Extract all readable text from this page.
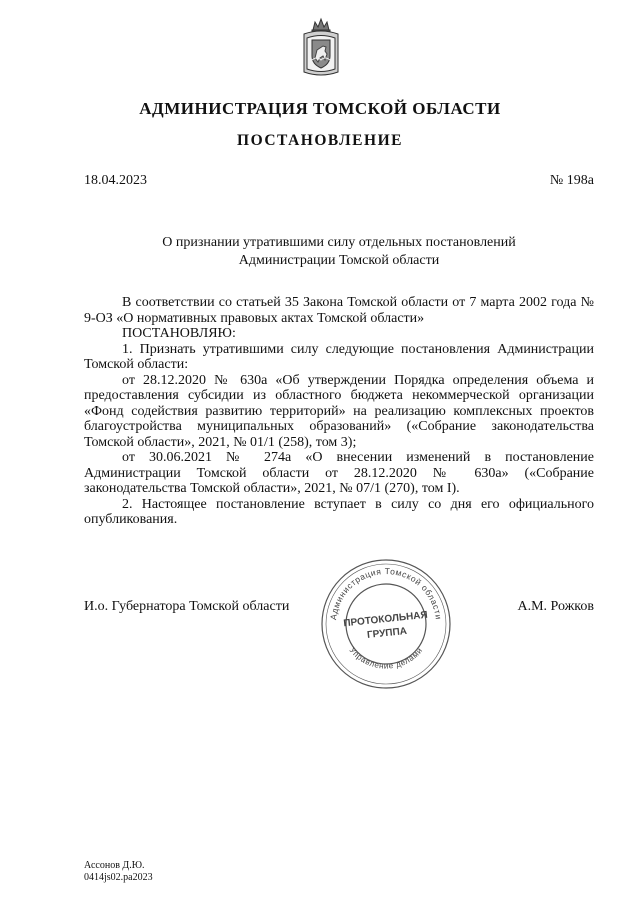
АДМИНИСТРАЦИЯ ТОМСКОЙ ОБЛАСТИ
ПОСТАНОВЛЕНИЕ
18.04.2023	№ 198а
О признании утратившими силу отдельных постановлений
Администрации Томской области

В соответствии со статьей 35 Закона Томской области от 7 марта 2002 года № 9-ОЗ «О нормативных правовых актах Томской области»

ПОСТАНОВЛЯЮ:

1. Признать утратившими силу следующие постановления Администрации Томской области:

от 28.12.2020 № 630а «Об утверждении Порядка определения объема и предоставления субсидии из областного бюджета некоммерческой организации «Фонд содействия развитию территорий» на реализацию комплексных проектов благоустройства муниципальных образований» («Собрание законодательства Томской области», 2021, № 01/1 (258), том 3);

от 30.06.2021 № 274а «О внесении изменений в постановление Администрации Томской области от 28.12.2020 № 630а» («Собрание законодательства Томской области», 2021, № 07/1 (270), том I).

2. Настоящее постановление вступает в силу со дня его официального опубликования.

И.о. Губернатора Томской области	А.М. Рожков
Администрация Томской области
Управление делами
ПРОТОКОЛЬНАЯ
ГРУППА
Ассонов Д.Ю.
0414js02.pa2023
